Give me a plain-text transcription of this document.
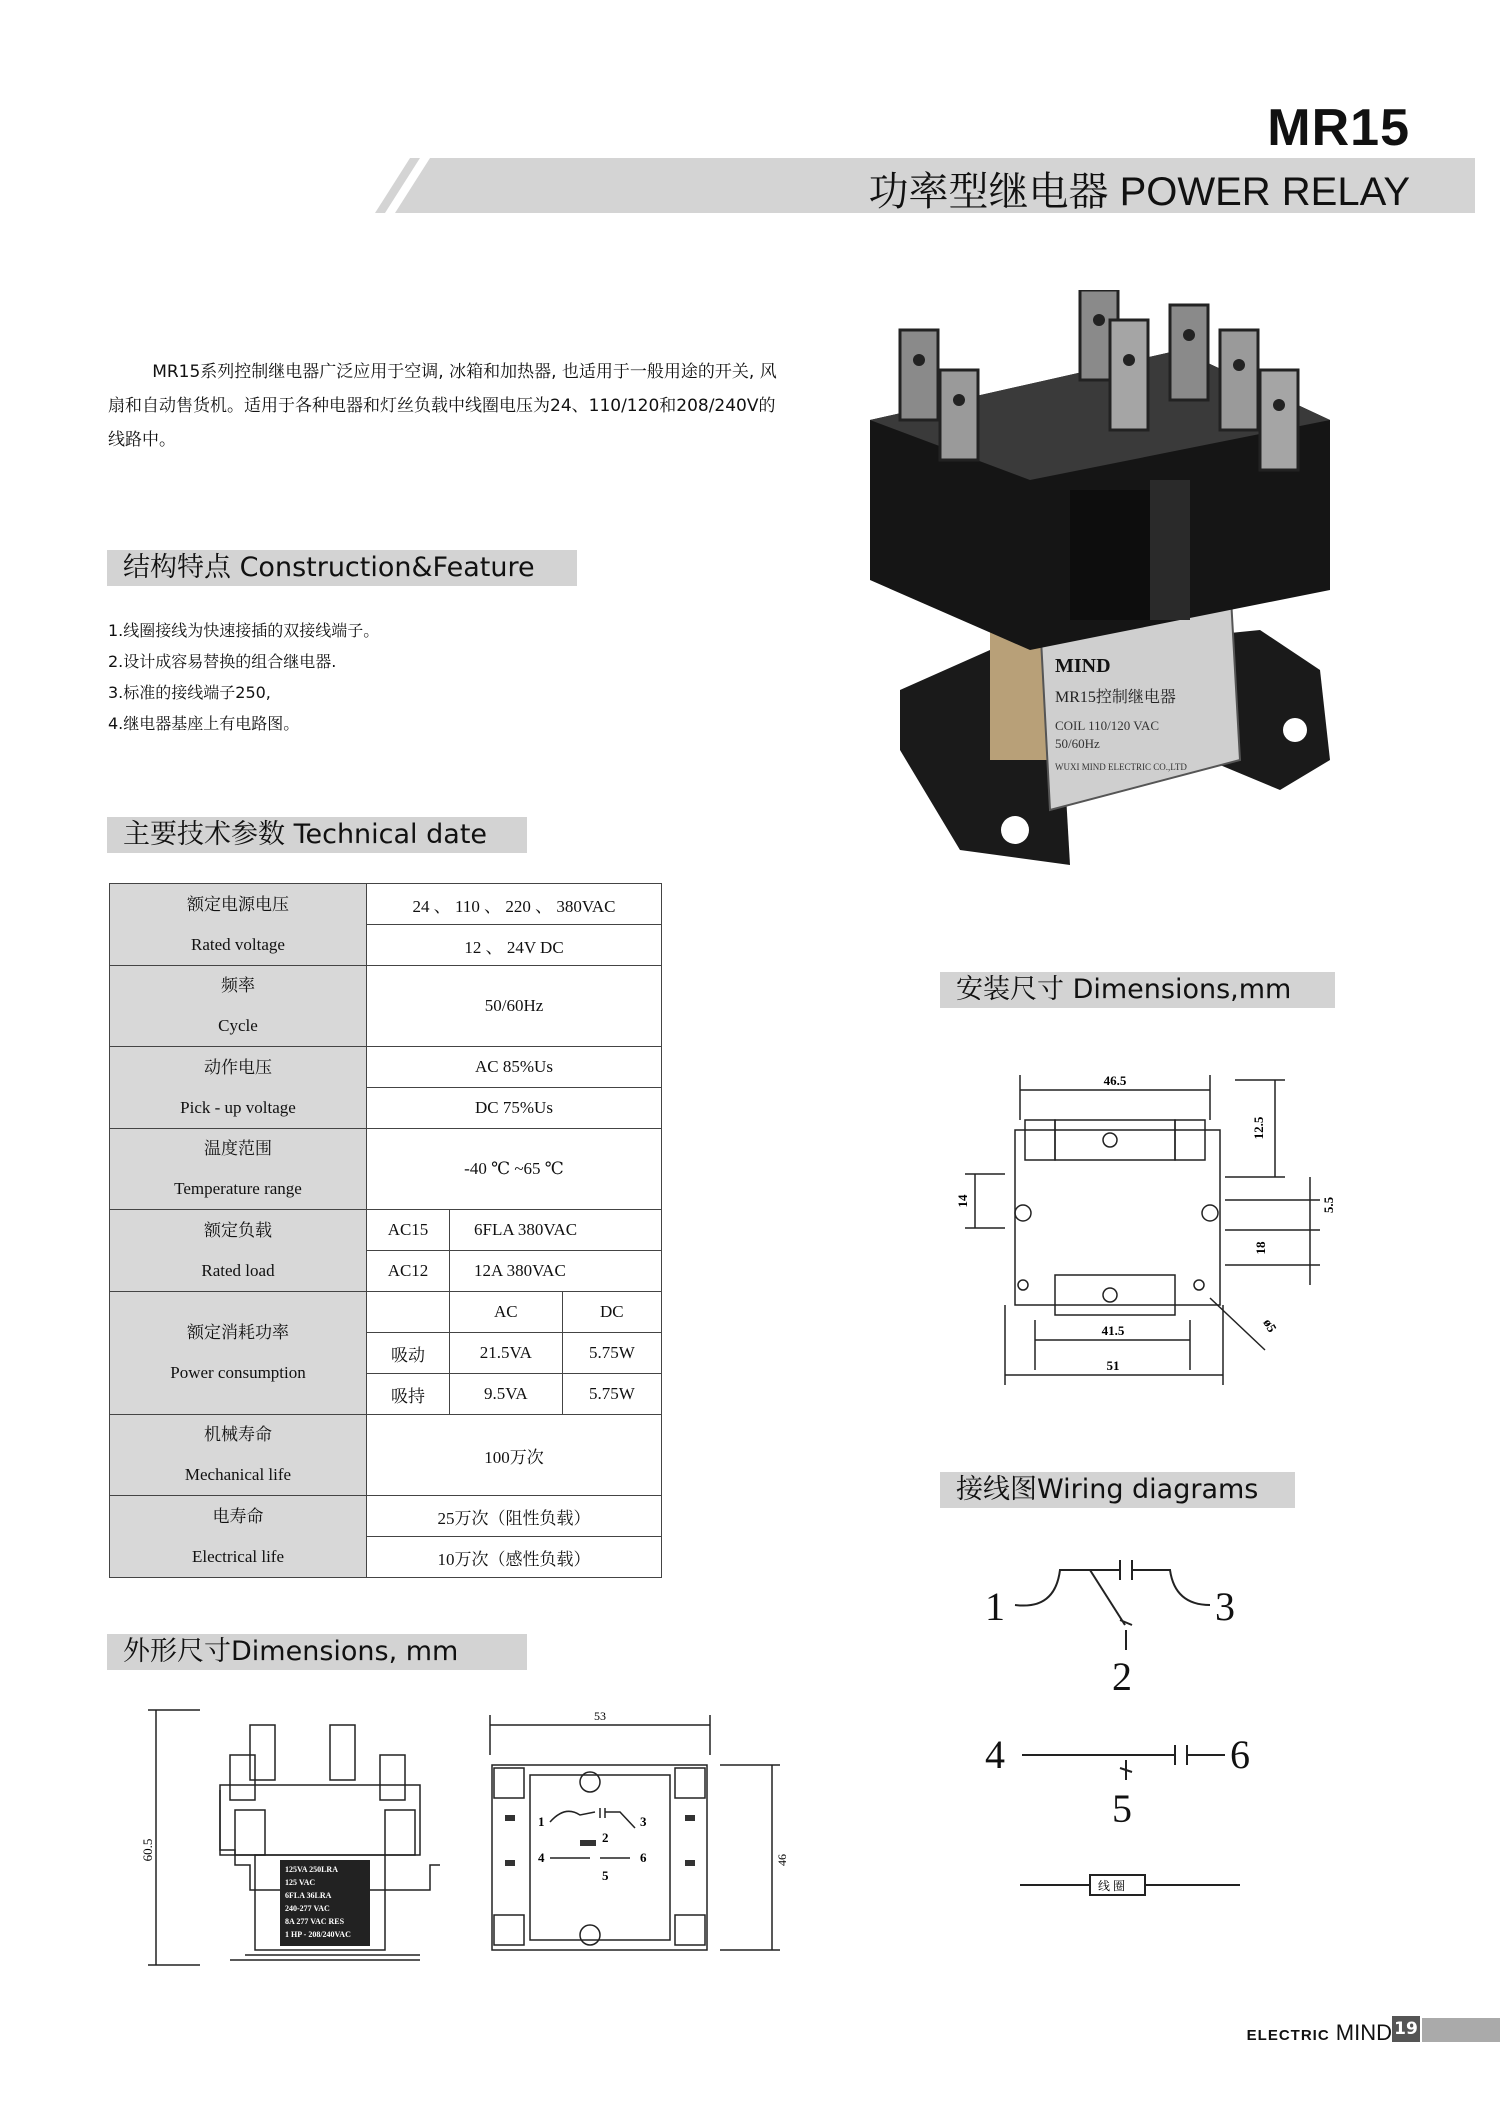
MR15
功率型继电器 POWER RELAY
MR15系列控制继电器广泛应用于空调, 冰箱和加热器, 也适用于一般用途的开关, 风扇和自动售货机。适用于各种电器和灯丝负载中线圈电压为24、110/120和208/240V的线路中。
MIND
MR15控制继电器
COIL 110/120 VAC
50/60Hz
WUXI MIND ELECTRIC CO.,LTD
结构特点 Construction&Feature
1.线圈接线为快速接插的双接线端子。
2.设计成容易替换的组合继电器.
3.标准的接线端子250,
4.继电器基座上有电路图。
主要技术参数 Technical date
额定电源电压
Rated voltage	24 、 110 、 220 、 380VAC		
	12 、 24V DC		

频率
Cycle	50/60Hz		

动作电压
Pick - up voltage	AC 85%Us		
	DC 75%Us		

温度范围
Temperature range	-40 ℃ ~65 ℃		

额定负载
Rated load	AC15	6FLA 380VAC	
	AC12	12A 380VAC	

额定消耗功率
Power consumption		AC	DC
	吸动	21.5VA	5.75W
	吸持	9.5VA	5.75W

机械寿命
Mechanical life	100万次		

电寿命
Electrical life	25万次（阻性负载）		
	10万次（感性负载）		
外形尺寸Dimensions, mm
60.5
125VA 250LRA
125 VAC
6FLA 36LRA
240-277 VAC
8A 277 VAC RES
1 HP - 208/240VAC
53
46
1
2
3
4
5
6
安装尺寸 Dimensions,mm
46.5
12.5
5.5
14
18
41.5
51
ø5
接线图Wiring diagrams
1
2
3
4
5
6
线 圈
ELECTRIC MIND 19
